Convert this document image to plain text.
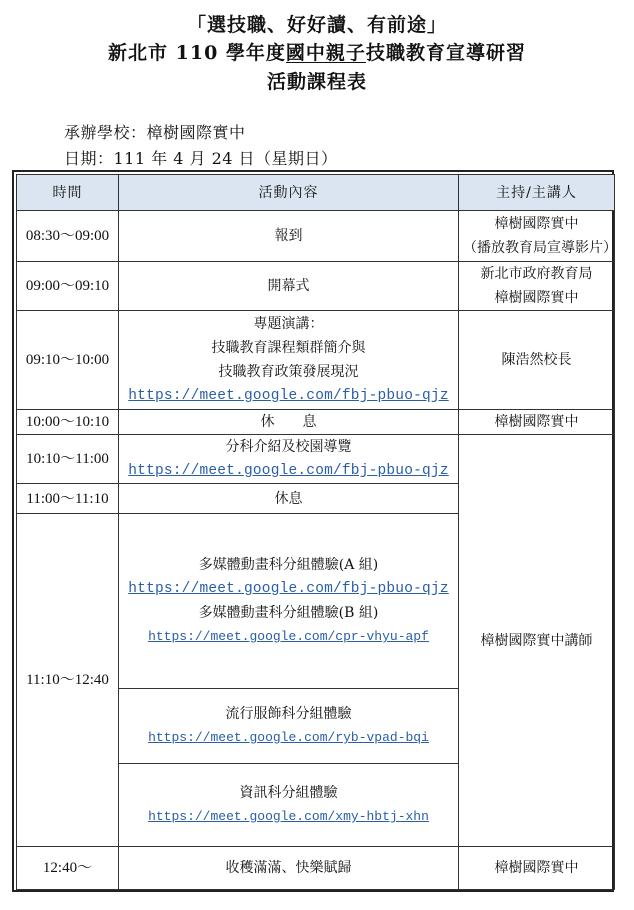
「選技職、好好讀、有前途」
新北市 110 學年度國中親子技職教育宣導研習
活動課程表
承辦學校：樟樹國際實中
日期：111 年 4 月 24 日（星期日）
時間	活動內容	主持/主講人
08:30～09:00	報到	樟樹國際實中
（播放教育局宣導影片）

09:00～09:10	開幕式	新北市政府教育局
樟樹國際實中

09:10～10:00	專題演講：
技職教育課程類群簡介與
技職教育政策發展現況
https://meet.google.com/fbj-pbuo-qjz	陳浩然校長
10:00～10:10	休　　息	樟樹國際實中
10:10～11:00	分科介紹及校園導覽
https://meet.google.com/fbj-pbuo-qjz	樟樹國際實中講師
11:00～11:10	休息	
11:10～12:40	多媒體動畫科分組體驗(A 組)
https://meet.google.com/fbj-pbuo-qjz
多媒體動畫科分組體驗(B 組)
https://meet.google.com/cpr-vhyu-apf	

	流行服飾科分組體驗
https://meet.google.com/ryb-vpad-bqi	

	資訊科分組體驗
https://meet.google.com/xmy-hbtj-xhn	

12:40～	收穫滿滿、快樂賦歸	樟樹國際實中
